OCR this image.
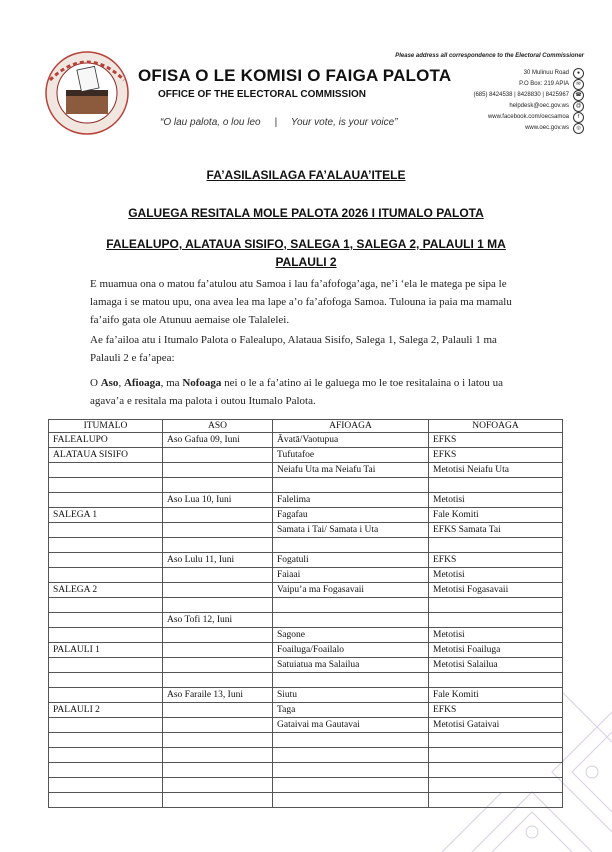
OFISA O LE KOMISI O FAIGA PALOTA
OFFICE OF THE ELECTORAL COMMISSION
“O lau palota, o lou leo     |     Your vote, is your voice”
Please address all correspondence to the Electoral Commissioner
30 Mulinuu Road	●
P.O Box: 219 APIA	✉
(685) 8424538 | 8428830 | 8425967	☎
helpdesk@oec.gov.ws	@
www.facebook.com/oecsamoa	f
www.oec.gov.ws	◎
FA’ASILASILAGA FA’ALAUA’ITELE
GALUEGA RESITALA MOLE PALOTA 2026 I ITUMALO PALOTA
FALEALUPO, ALATAUA SISIFO, SALEGA 1, SALEGA 2, PALAULI 1 MA
PALAULI 2
E muamua ona o matou fa’atulou atu Samoa i lau fa’afofoga’aga, ne’i ‘ela le matega pe sipa le lamaga i se matou upu, ona avea lea ma lape a’o fa’afofoga Samoa. Tulouna ia paia ma mamalu fa’aifo gata ole Atunuu aemaise ole Talalelei.
Ae fa’ailoa atu i Itumalo Palota o Falealupo, Alataua Sisifo, Salega 1, Salega 2, Palauli 1 ma Palauli 2 e fa’apea:
O Aso, Afioaga, ma Nofoaga nei o le a fa’atino ai le galuega mo le toe resitalaina o i latou ua agava’a e resitala ma palota i outou Itumalo Palota.
ITUMALO	ASO	AFIOAGA	NOFOAGA
FALEALUPO	Aso Gafua 09, Iuni	Āvatā/Vaotupua	EFKS
ALATAUA SISIFO		Tufutafoe	EFKS
		Neiafu Uta ma Neiafu Tai	Metotisi Neiafu Uta

	Aso Lua 10, Iuni	Falelima	Metotisi
SALEGA 1		Fagafau	Fale Komiti
		Samata i Tai/ Samata i Uta	EFKS Samata Tai

	Aso Lulu 11, Iuni	Fogatuli	EFKS
		Faiaai	Metotisi
SALEGA 2		Vaipu’a ma Fogasavaii	Metotisi Fogasavaii

	Aso Tofi 12, Iuni		
		Sagone	Metotisi
PALAULI 1		Foailuga/Foailalo	Metotisi Foailuga
		Satuiatua ma Salailua	Metotisi Salailua

	Aso Faraile 13, Iuni	Siutu	Fale Komiti
PALAULI 2		Taga	EFKS
		Gataivai ma Gautavai	Metotisi Gataivai
